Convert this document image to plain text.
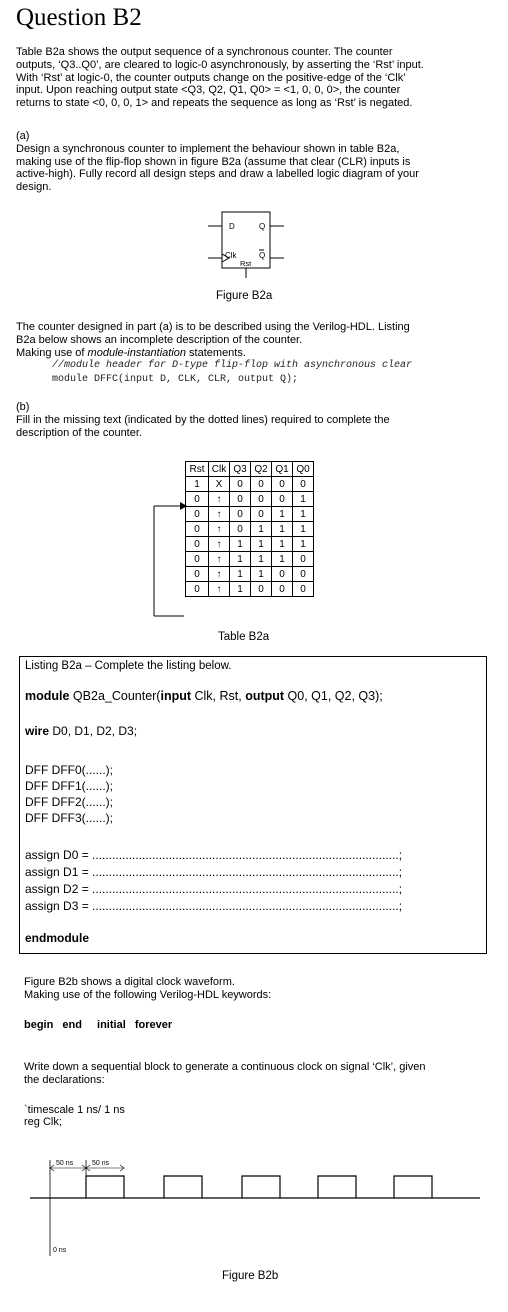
Question B2
Table B2a shows the output sequence of a synchronous counter. The counter
outputs, ‘Q3..Q0’, are cleared to logic-0 asynchronously, by asserting the ‘Rst’ input.
With ‘Rst’ at logic-0, the counter outputs change on the positive-edge of the ‘Clk’
input. Upon reaching output state <Q3, Q2, Q1, Q0> = <1, 0, 0, 0>, the counter
returns to state <0, 0, 0, 1> and repeats the sequence as long as ‘Rst’ is negated.
(a)
Design a synchronous counter to implement the behaviour shown in table B2a,
making use of the flip-flop shown in figure B2a (assume that clear (CLR) inputs is
active-high). Fully record all design steps and draw a labelled logic diagram of your
design.
D	Q
Clk	Q
Rst
Figure B2a
The counter designed in part (a) is to be described using the Verilog-HDL. Listing
B2a below shows an incomplete description of the counter.
Making use of module-instantiation statements.
//module header for D-type flip-flop with asynchronous clear
module DFFC(input D, CLK, CLR, output Q);
(b)
Fill in the missing text (indicated by the dotted lines) required to complete the
description of the counter.
Rst	Clk	Q3	Q2	Q1	Q0
1	X	0	0	0	0
0	↑	0	0	0	1
0	↑	0	0	1	1
0	↑	0	1	1	1
0	↑	1	1	1	1
0	↑	1	1	1	0
0	↑	1	1	0	0
0	↑	1	0	0	0
Table B2a
Listing B2a – Complete the listing below.
module QB2a_Counter(input Clk, Rst, output Q0, Q1, Q2, Q3);
wire D0, D1, D2, D3;
DFF DFF0(......);
DFF DFF1(......);
DFF DFF2(......);
DFF DFF3(......);
assign D0 = ............................................................................................;
assign D1 = ............................................................................................;
assign D2 = ............................................................................................;
assign D3 = ............................................................................................;
endmodule
Figure B2b shows a digital clock waveform.
Making use of the following Verilog-HDL keywords:
begin end initial forever
Write down a sequential block to generate a continuous clock on signal ‘Clk’, given
the declarations:
`timescale 1 ns/ 1 ns
reg Clk;
50 ns	50 ns
0 ns
Figure B2b
